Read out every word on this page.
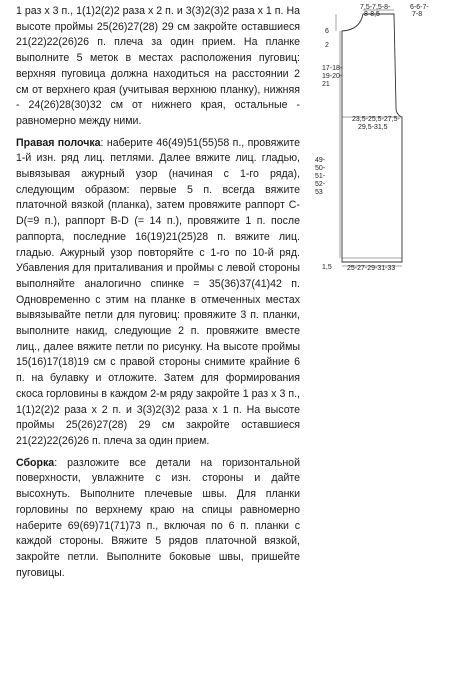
1 раз х 3 п., 1(1)2(2)2 раза х 2 п. и 3(3)2(3)2 раза х 1 п. На высоте проймы 25(26)27(28) 29 см закройте оставшиеся 21(22)22(26)26 п. плеча за один прием. На планке выполните 5 меток в местах расположения пуговиц: верхняя пуговица должна находиться на расстоянии 2 см от верхнего края (учитывая верхнюю планку), нижняя - 24(26)28(30)32 см от нижнего края, остальные - равномерно между ними.

Правая полочка: наберите 46(49)51(55)58 п., провяжите 1-й изн. ряд лиц. петлями. Далее вяжите лиц. гладью, вывязывая ажурный узор (начиная с 1-го ряда), следующим образом: первые 5 п. всегда вяжите платочной вязкой (планка), затем провяжите раппорт C-D(=9 п.), раппорт B-D (= 14 п.), провяжите 1 п. после раппорта, последние 16(19)21(25)28 п. вяжите лиц. гладью. Ажурный узор повторяйте с 1-го по 10-й ряд. Убавления для приталивания и проймы с левой стороны выполняйте аналогично спинке = 35(36)37(41)42 п. Одновременно с этим на планке в отмеченных местах вывязывайте петли для пуговиц: провяжите 3 п. планки, выполните накид, следующие 2 п. провяжите вместе лиц., далее вяжите петли по рисунку. На высоте проймы 15(16)17(18)19 см с правой стороны снимите крайние 6 п. на булавку и отложите. Затем для формирования скоса горловины в каждом 2-м ряду закройте 1 раз х 3 п., 1(1)2(2)2 раза х 2 п. и 3(3)2(3)2 раза х 1 п. На высоте проймы 25(26)27(28) 29 см закройте оставшиеся 21(22)22(26)26 п. плеча за один прием.

Сборка: разложите все детали на горизонтальной поверхности, увлажните с изн. стороны и дайте высохнуть. Выполните плечевые швы. Для планки горловины по верхнему краю на спицы равномерно наберите 69(69)71(71)73 п., включая по 6 п. планки с каждой стороны. Вяжите 5 рядов платочной вязкой, закройте петли. Выполните боковые швы, пришейте пуговицы.

7,5-7,5-8-
8-8,5
6-6-7-
7-8
6
2
17-18-
19-20-
21
23,5-25,5-27,5-
29,5-31,5
49-
50-
51-
52-
53
1,5 25-27-29-31-33
